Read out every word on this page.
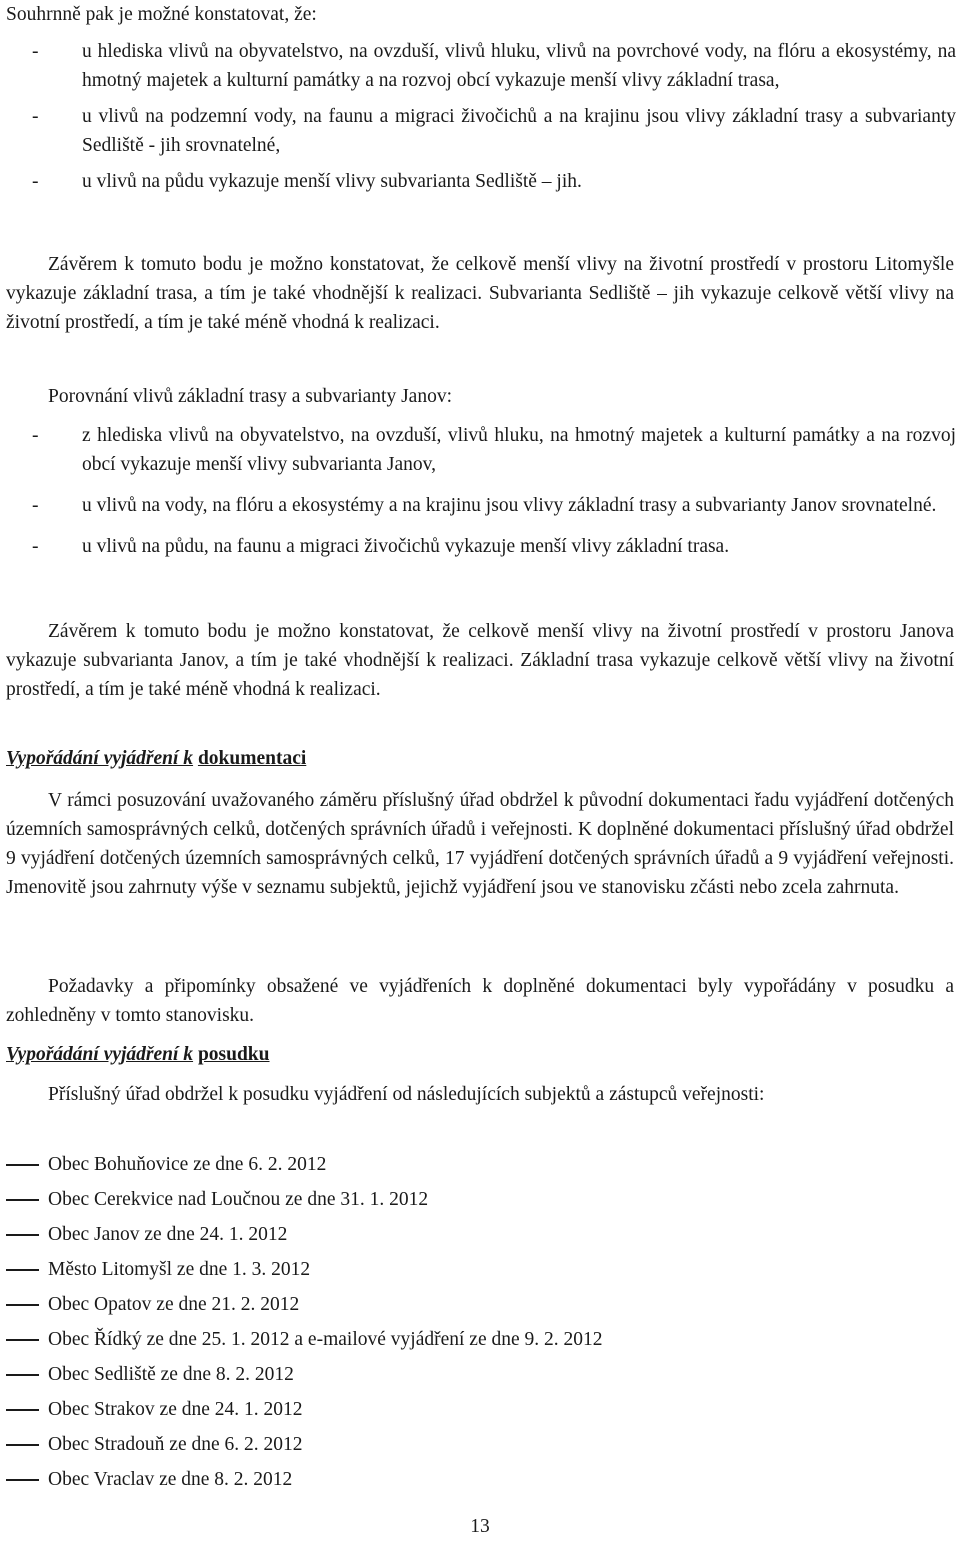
Souhrnně pak je možné konstatovat, že:

- u hlediska vlivů na obyvatelstvo, na ovzduší, vlivů hluku, vlivů na povrchové vody, na flóru a ekosystémy, na hmotný majetek a kulturní památky a na rozvoj obcí vykazuje menší vlivy základní trasa,
- u vlivů na podzemní vody, na faunu a migraci živočichů a na krajinu jsou vlivy základní trasy a subvarianty Sedliště - jih srovnatelné,
- u vlivů na půdu vykazuje menší vlivy subvarianta Sedliště – jih.

Závěrem k tomuto bodu je možno konstatovat, že celkově menší vlivy na životní prostředí v prostoru Litomyšle vykazuje základní trasa, a tím je také vhodnější k realizaci. Subvarianta Sedliště – jih vykazuje celkově větší vlivy na životní prostředí, a tím je také méně vhodná k realizaci.

Porovnání vlivů základní trasy a subvarianty Janov:

- z hlediska vlivů na obyvatelstvo, na ovzduší, vlivů hluku, na hmotný majetek a kulturní památky a na rozvoj obcí vykazuje menší vlivy subvarianta Janov,
- u vlivů na vody, na flóru a ekosystémy a na krajinu jsou vlivy základní trasy a subvarianty Janov srovnatelné.
- u vlivů na půdu, na faunu a migraci živočichů vykazuje menší vlivy základní trasa.

Závěrem k tomuto bodu je možno konstatovat, že celkově menší vlivy na životní prostředí v prostoru Janova vykazuje subvarianta Janov, a tím je také vhodnější k realizaci. Základní trasa vykazuje celkově větší vlivy na životní prostředí, a tím je také méně vhodná k realizaci.

Vypořádání vyjádření k dokumentaci

V rámci posuzování uvažovaného záměru příslušný úřad obdržel k původní dokumentaci řadu vyjádření dotčených územních samosprávných celků, dotčených správních úřadů i veřejnosti. K doplněné dokumentaci příslušný úřad obdržel 9 vyjádření dotčených územních samosprávných celků, 17 vyjádření dotčených správních úřadů a 9 vyjádření veřejnosti. Jmenovitě jsou zahrnuty výše v seznamu subjektů, jejichž vyjádření jsou ve stanovisku zčásti nebo zcela zahrnuta.

Požadavky a připomínky obsažené ve vyjádřeních k doplněné dokumentaci byly vypořádány v posudku a zohledněny v tomto stanovisku.

Vypořádání vyjádření k posudku

Příslušný úřad obdržel k posudku vyjádření od následujících subjektů a zástupců veřejnosti:

Obec Bohuňovice ze dne 6. 2. 2012
Obec Cerekvice nad Loučnou ze dne 31. 1. 2012
Obec Janov ze dne 24. 1. 2012
Město Litomyšl ze dne 1. 3. 2012
Obec Opatov ze dne 21. 2. 2012
Obec Řídký ze dne 25. 1. 2012 a e-mailové vyjádření ze dne 9. 2. 2012
Obec Sedliště ze dne 8. 2. 2012
Obec Strakov ze dne 24. 1. 2012
Obec Stradouň ze dne 6. 2. 2012
Obec Vraclav ze dne 8. 2. 2012
13
